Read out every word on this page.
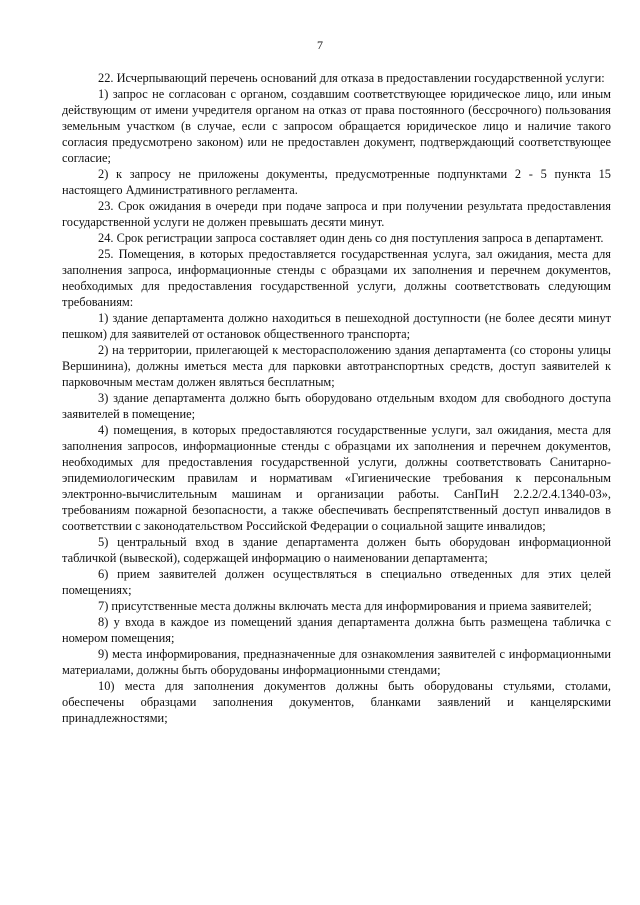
7

22. Исчерпывающий перечень оснований для отказа в предоставлении государственной услуги:

1) запрос не согласован с органом, создавшим соответствующее юридическое лицо, или иным действующим от имени учредителя органом на отказ от права постоянного (бессрочного) пользования земельным участком (в случае, если с запросом обращается юридическое лицо и наличие такого согласия предусмотрено законом) или не предоставлен документ, подтверждающий соответствующее согласие;

2) к запросу не приложены документы, предусмотренные подпунктами 2 - 5 пункта 15 настоящего Административного регламента.

23. Срок ожидания в очереди при подаче запроса и при получении результата предоставления государственной услуги не должен превышать десяти минут.

24. Срок регистрации запроса составляет один день со дня поступления запроса в департамент.

25. Помещения, в которых предоставляется государственная услуга, зал ожидания, места для заполнения запроса, информационные стенды с образцами их заполнения и перечнем документов, необходимых для предоставления государственной услуги, должны соответствовать следующим требованиям:

1) здание департамента должно находиться в пешеходной доступности (не более десяти минут пешком) для заявителей от остановок общественного транспорта;

2) на территории, прилегающей к месторасположению здания департамента (со стороны улицы Вершинина), должны иметься места для парковки автотранспортных средств, доступ заявителей к парковочным местам должен являться бесплатным;

3) здание департамента должно быть оборудовано отдельным входом для свободного доступа заявителей в помещение;

4) помещения, в которых предоставляются государственные услуги, зал ожидания, места для заполнения запросов, информационные стенды с образцами их заполнения и перечнем документов, необходимых для предоставления государственной услуги, должны соответствовать Санитарно-эпидемиологическим правилам и нормативам «Гигиенические требования к персональным электронно-вычислительным машинам и организации работы. СанПиН 2.2.2/2.4.1340-03», требованиям пожарной безопасности, а также обеспечивать беспрепятственный доступ инвалидов в соответствии с законодательством Российской Федерации о социальной защите инвалидов;

5) центральный вход в здание департамента должен быть оборудован информационной табличкой (вывеской), содержащей информацию о наименовании департамента;

6) прием заявителей должен осуществляться в специально отведенных для этих целей помещениях;

7) присутственные места должны включать места для информирования и приема заявителей;

8) у входа в каждое из помещений здания департамента должна быть размещена табличка с номером помещения;

9) места информирования, предназначенные для ознакомления заявителей с информационными материалами, должны быть оборудованы информационными стендами;

10) места для заполнения документов должны быть оборудованы стульями, столами, обеспечены образцами заполнения документов, бланками заявлений и канцелярскими принадлежностями;
